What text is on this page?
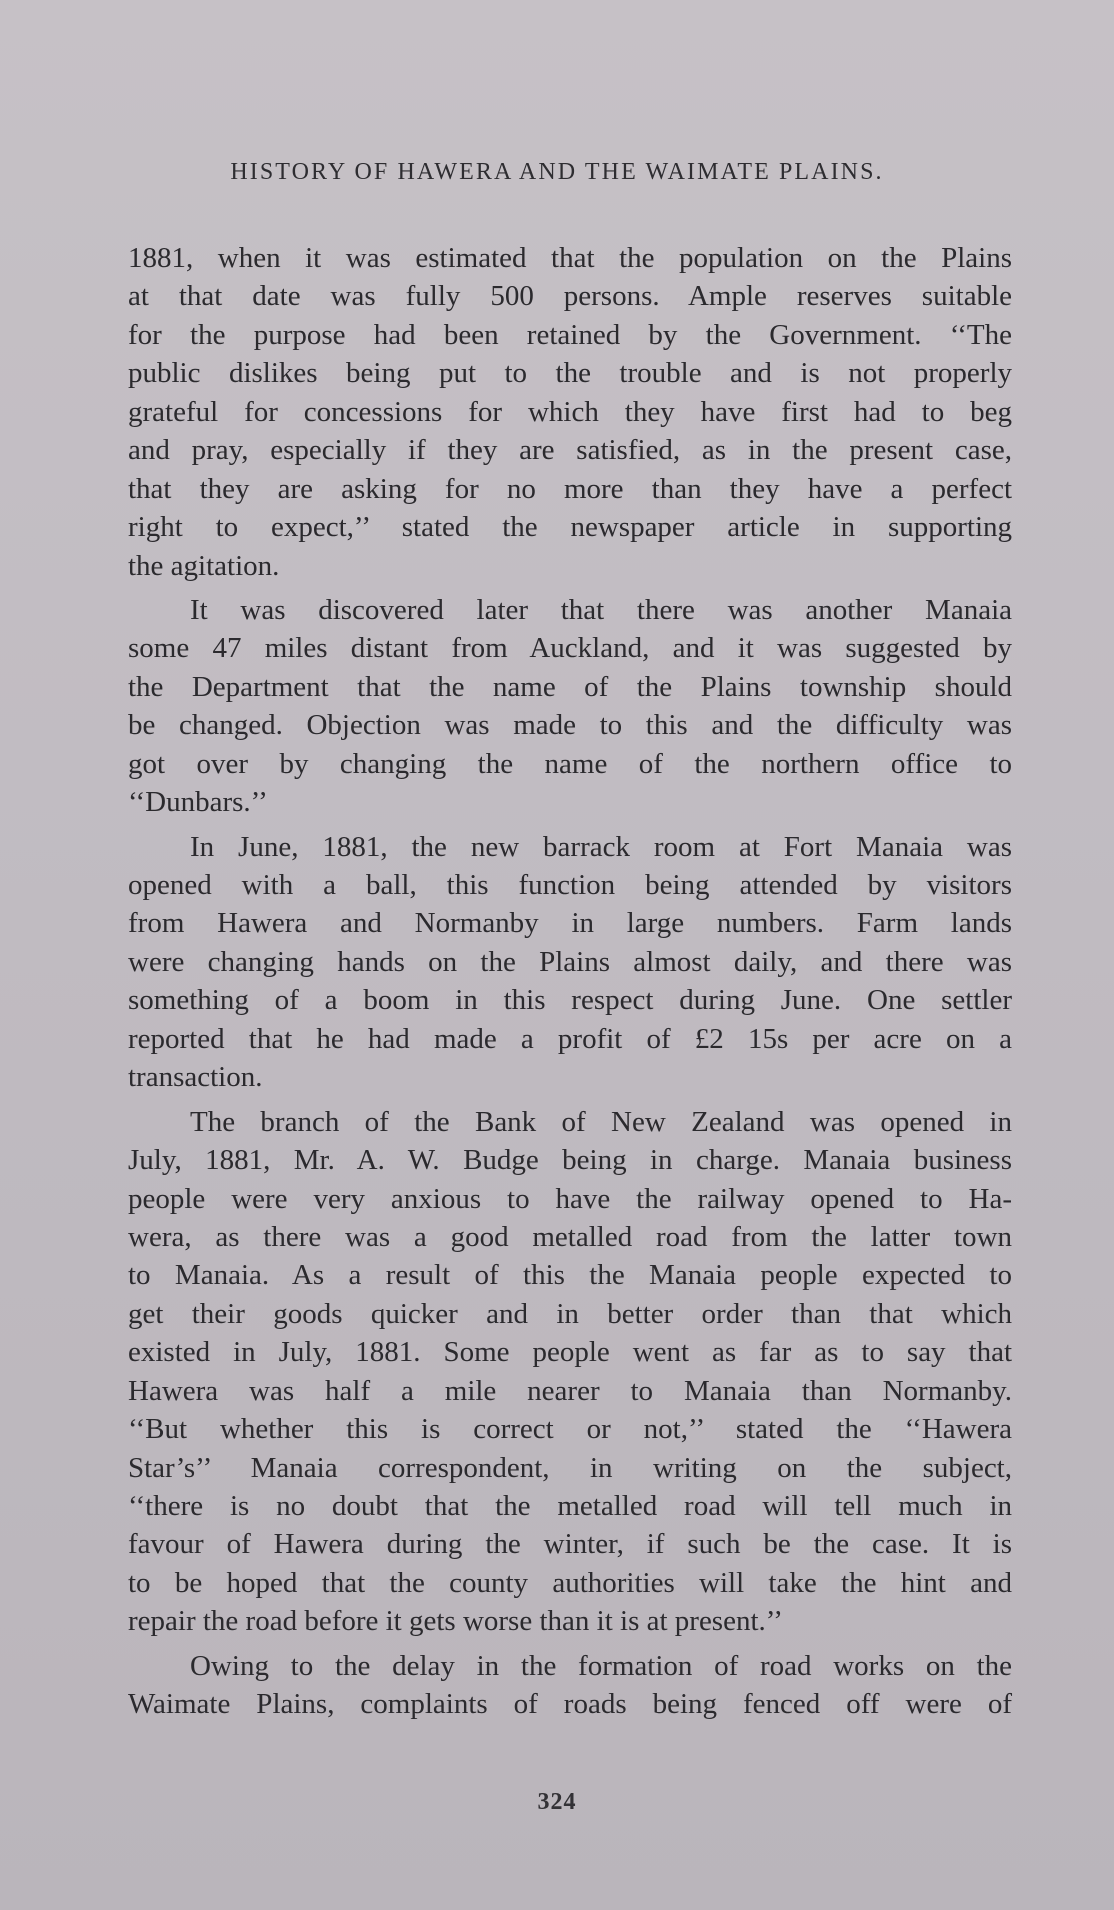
HISTORY OF HAWERA AND THE WAIMATE PLAINS.
1881, when it was estimated that the population on the Plains
at that date was fully 500 persons. Ample reserves suitable
for the purpose had been retained by the Government. ‘‘The
public dislikes being put to the trouble and is not properly
grateful for concessions for which they have first had to beg
and pray, especially if they are satisfied, as in the present case,
that they are asking for no more than they have a perfect
right to expect,’’ stated the newspaper article in supporting
the agitation.
It was discovered later that there was another Manaia
some 47 miles distant from Auckland, and it was suggested by
the Department that the name of the Plains township should
be changed. Objection was made to this and the difficulty was
got over by changing the name of the northern office to
‘‘Dunbars.’’
In June, 1881, the new barrack room at Fort Manaia was
opened with a ball, this function being attended by visitors
from Hawera and Normanby in large numbers. Farm lands
were changing hands on the Plains almost daily, and there was
something of a boom in this respect during June. One settler
reported that he had made a profit of £2 15s per acre on a
transaction.
The branch of the Bank of New Zealand was opened in
July, 1881, Mr. A. W. Budge being in charge. Manaia business
people were very anxious to have the railway opened to Ha-
wera, as there was a good metalled road from the latter town
to Manaia. As a result of this the Manaia people expected to
get their goods quicker and in better order than that which
existed in July, 1881. Some people went as far as to say that
Hawera was half a mile nearer to Manaia than Normanby.
‘‘But whether this is correct or not,’’ stated the ‘‘Hawera
Star’s’’ Manaia correspondent, in writing on the subject,
‘‘there is no doubt that the metalled road will tell much in
favour of Hawera during the winter, if such be the case. It is
to be hoped that the county authorities will take the hint and
repair the road before it gets worse than it is at present.’’
Owing to the delay in the formation of road works on the
Waimate Plains, complaints of roads being fenced off were of
324
